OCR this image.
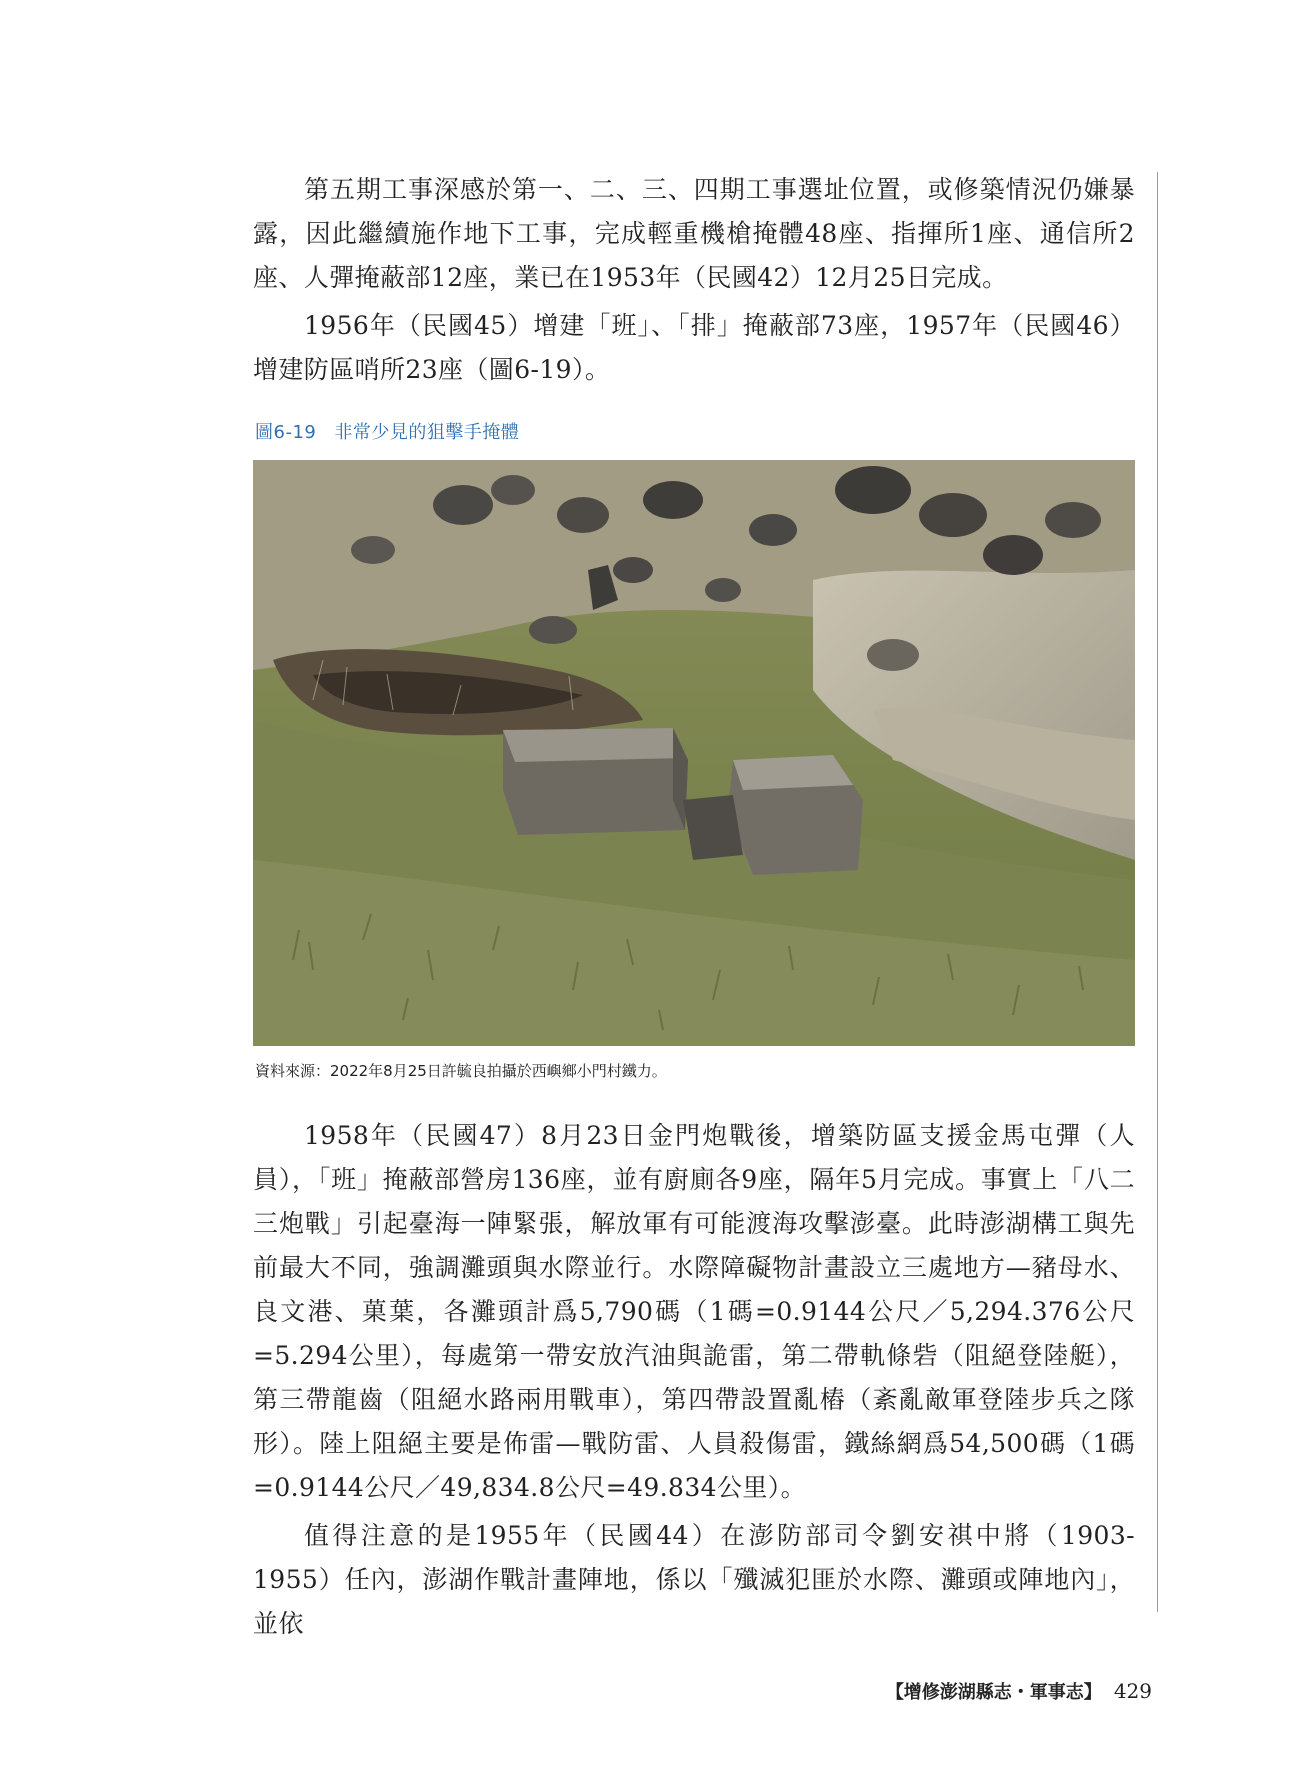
第五期工事深感於第一、二、三、四期工事選址位置，或修築情況仍嫌暴露，因此繼續施作地下工事，完成輕重機槍掩體48座、指揮所1座、通信所2座、人彈掩蔽部12座，業已在1953年（民國42）12月25日完成。

1956年（民國45）增建「班」、「排」掩蔽部73座，1957年（民國46）增建防區哨所23座（圖6-19）。

圖6-19 非常少見的狙擊手掩體
資料來源：2022年8月25日許毓良拍攝於西嶼鄉小門村鐵力。

1958年（民國47）8月23日金門炮戰後，增築防區支援金馬屯彈（人員），「班」掩蔽部營房136座，並有廚廁各9座，隔年5月完成。事實上「八二三炮戰」引起臺海一陣緊張，解放軍有可能渡海攻擊澎臺。此時澎湖構工與先前最大不同，強調灘頭與水際並行。水際障礙物計畫設立三處地方—豬母水、良文港、菓葉，各灘頭計爲5,790碼（1碼=0.9144公尺／5,294.376公尺=5.294公里），每處第一帶安放汽油與詭雷，第二帶軌條砦（阻絕登陸艇），第三帶龍齒（阻絕水路兩用戰車），第四帶設置亂樁（紊亂敵軍登陸步兵之隊形）。陸上阻絕主要是佈雷—戰防雷、人員殺傷雷，鐵絲網爲54,500碼（1碼=0.9144公尺／49,834.8公尺=49.834公里）。

值得注意的是1955年（民國44）在澎防部司令劉安祺中將（1903-1955）任內，澎湖作戰計畫陣地，係以「殲滅犯匪於水際、灘頭或陣地內」，並依

【增修澎湖縣志・軍事志】 429
